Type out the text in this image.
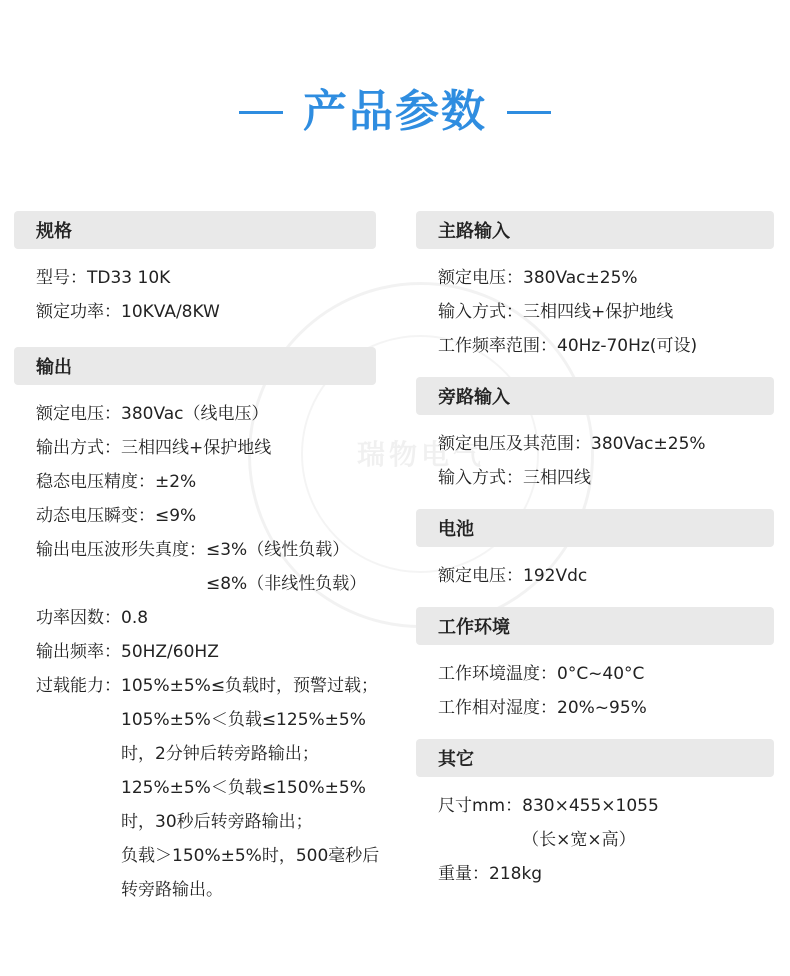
产品参数
瑞物电气
规格
型号： TD33 10K
额定功率： 10KVA/8KW
输出
额定电压： 380Vac（线电压）
输出方式： 三相四线+保护地线
稳态电压精度： ±2%
动态电压瞬变： ≤9%
输出电压波形失真度： ≤3%（线性负载）
≤8%（非线性负载）
功率因数： 0.8
输出频率： 50HZ/60HZ
过载能力： 105%±5%≤负载时，预警过载；
105%±5%＜负载≤125%±5%
时，2分钟后转旁路输出；
125%±5%＜负载≤150%±5%
时，30秒后转旁路输出；
负载＞150%±5%时，500毫秒后
转旁路输出。
主路输入
额定电压： 380Vac±25%
输入方式： 三相四线+保护地线
工作频率范围： 40Hz-70Hz(可设)
旁路输入
额定电压及其范围： 380Vac±25%
输入方式： 三相四线
电池
额定电压： 192Vdc
工作环境
工作环境温度： 0°C~40°C
工作相对湿度： 20%~95%
其它
尺寸mm： 830×455×1055
（长×宽×高）
重量： 218kg
